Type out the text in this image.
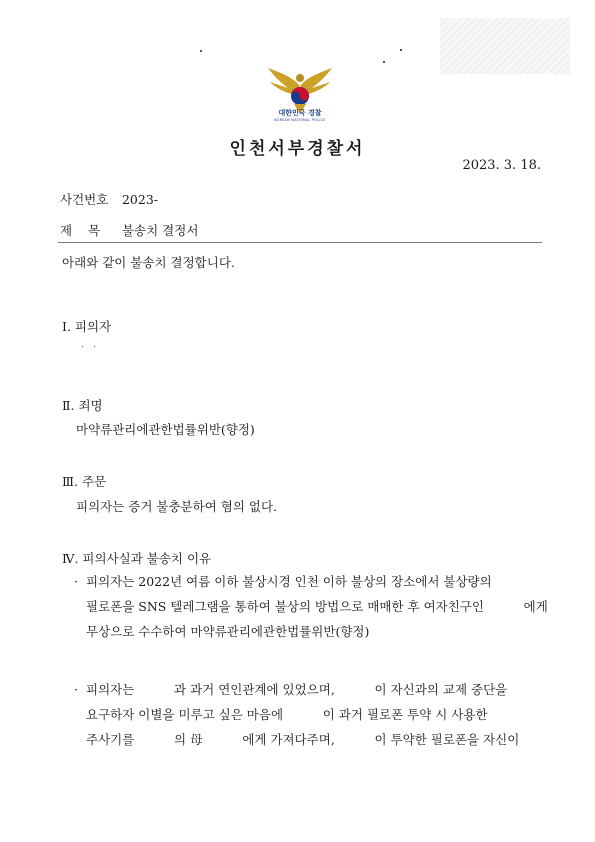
대한민국 경찰
KOREAN NATIONAL POLICE
인천서부경찰서
2023. 3. 18.
사건번호 2023-
제    목 불송치 결정서
아래와 같이 불송치 결정합니다.
Ⅰ. 피의자
Ⅱ. 죄명
마약류관리에관한법률위반(향정)
Ⅲ. 주문
피의자는 증거 불충분하여 혐의 없다.
Ⅳ. 피의사실과 불송치 이유
· 피의자는 2022년 여름 이하 불상시경 인천 이하 불상의 장소에서 불상량의
필로폰을 SNS 텔레그램을 통하여 불상의 방법으로 매매한 후 여자친구인          에게
무상으로 수수하여 마약류관리에관한법률위반(향정)
· 피의자는          과 과거 연인관계에 있었으며,          이 자신과의 교제 중단을
요구하자 이별을 미루고 싶은 마음에          이 과거 필로폰 투약 시 사용한
주사기를          의 母          에게 가져다주며,          이 투약한 필로폰을 자신이
